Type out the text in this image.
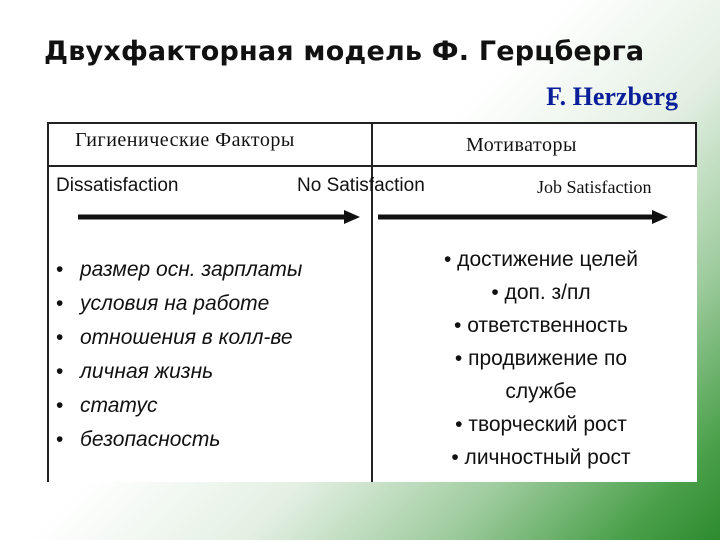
Двухфакторная модель Ф. Герцберга
F. Herzberg
Гигиенические Факторы	Мотиваторы
Dissatisfaction	No Satisfaction	Job Satisfaction
• размер осн. зарплаты
• условия на работе
• отношения в колл-ве
• личная жизнь
• статус
• безопасность
• достижение целей
• доп. з/пл
• ответственность
• продвижение по
службе
• творческий рост
• личностный рост
